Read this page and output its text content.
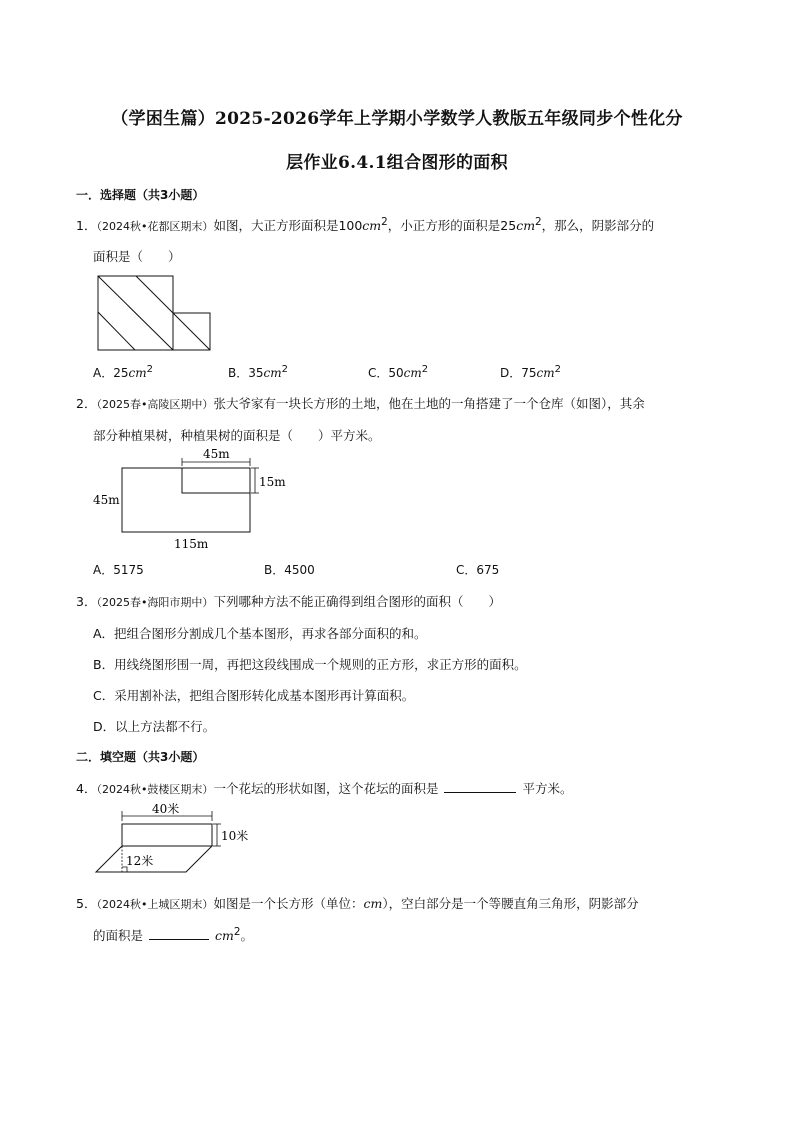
（学困生篇）2025-2026学年上学期小学数学人教版五年级同步个性化分
层作业6.4.1组合图形的面积
一．选择题（共3小题）
1．（2024秋•花都区期末）如图，大正方形面积是$100cm^2$，小正方形的面积是$25cm^2$，那么，阴影部分的
面积是（　　）
A．$25cm^2$	B．$35cm^2$	C．$50cm^2$	D．$75cm^2$
2．（2025春•高陵区期中）张大爷家有一块长方形的土地，他在土地的一角搭建了一个仓库（如图），其余
部分种植果树，种植果树的面积是（　　）平方米。
45m
15m
45m
115m
A．5175	B．4500	C．675
3．（2025春•海阳市期中）下列哪种方法不能正确得到组合图形的面积（　　）
A．把组合图形分割成几个基本图形，再求各部分面积的和。
B．用线绕图形围一周，再把这段线围成一个规则的正方形，求正方形的面积。
C．采用割补法，把组合图形转化成基本图形再计算面积。
D．以上方法都不行。
二．填空题（共3小题）
4．（2024秋•鼓楼区期末）一个花坛的形状如图，这个花坛的面积是	平方米。
40米
10米
12米
5．（2024秋•上城区期末）如图是一个长方形（单位：cm），空白部分是一个等腰直角三角形，阴影部分
的面积是	$cm^2$。
